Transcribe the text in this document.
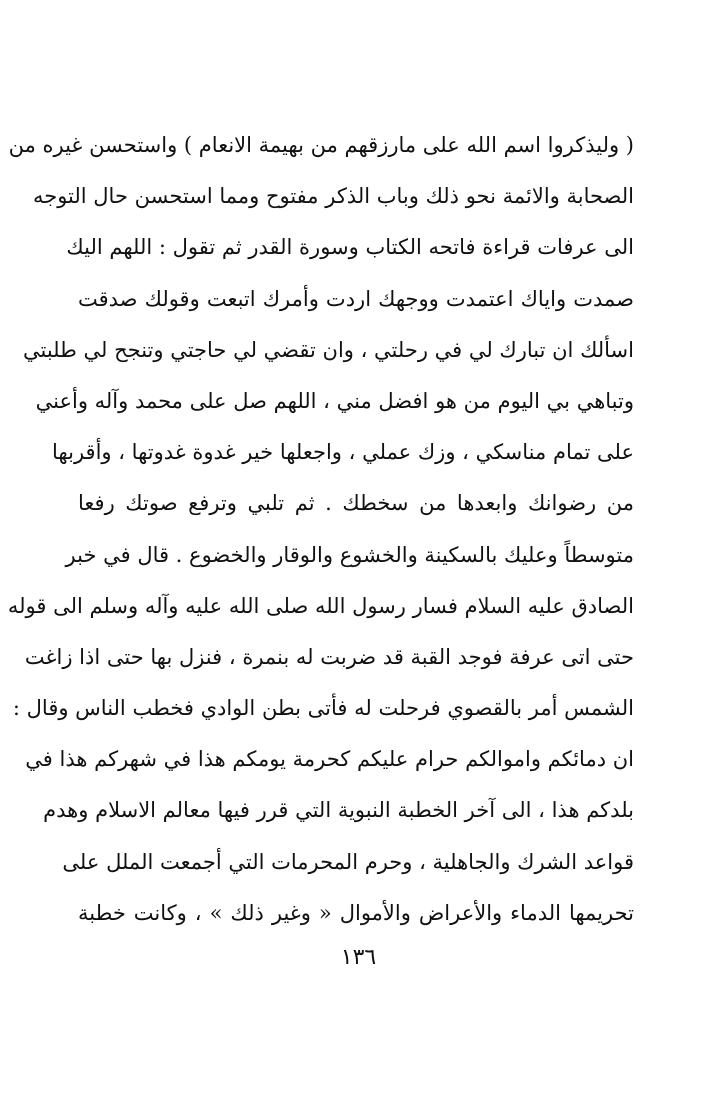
( وليذكروا اسم الله على مارزقهم من بهيمة الانعام ) واستحسن غيره من
الصحابة والائمة نحو ذلك وباب الذكر مفتوح ومما استحسن حال التوجه
الى عرفات قراءة فاتحه الكتاب وسورة القدر ثم تقول : اللهم اليك
صمدت واياك اعتمدت ووجهك اردت وأمرك اتبعت وقولك صدقت
اسألك ان تبارك لي في رحلتي ، وان تقضي لي حاجتي وتنجح لي طلبتي
وتباهي بي اليوم من هو افضل مني ، اللهم صل على محمد وآله وأعني
على تمام مناسكي ، وزك عملي ، واجعلها خير غدوة غدوتها ، وأقربها
من رضوانك وابعدها من سخطك . ثم تلبي وترفع صوتك رفعا
متوسطاً وعليك بالسكينة والخشوع والوقار والخضوع . قال في خبر
الصادق عليه السلام فسار رسول الله صلى الله عليه وآله وسلم الى قوله
حتى اتى عرفة فوجد القبة قد ضربت له بنمرة ، فنزل بها حتى اذا زاغت
الشمس أمر بالقصوي فرحلت له فأتى بطن الوادي فخطب الناس وقال :
ان دمائكم واموالكم حرام عليكم كحرمة يومكم هذا في شهركم هذا في
بلدكم هذا ، الى آخر الخطبة النبوية التي قرر فيها معالم الاسلام وهدم
قواعد الشرك والجاهلية ، وحرم المحرمات التي أجمعت الملل على
تحريمها الدماء والأعراض والأموال « وغير ذلك » ، وكانت خطبة
١٣٦
